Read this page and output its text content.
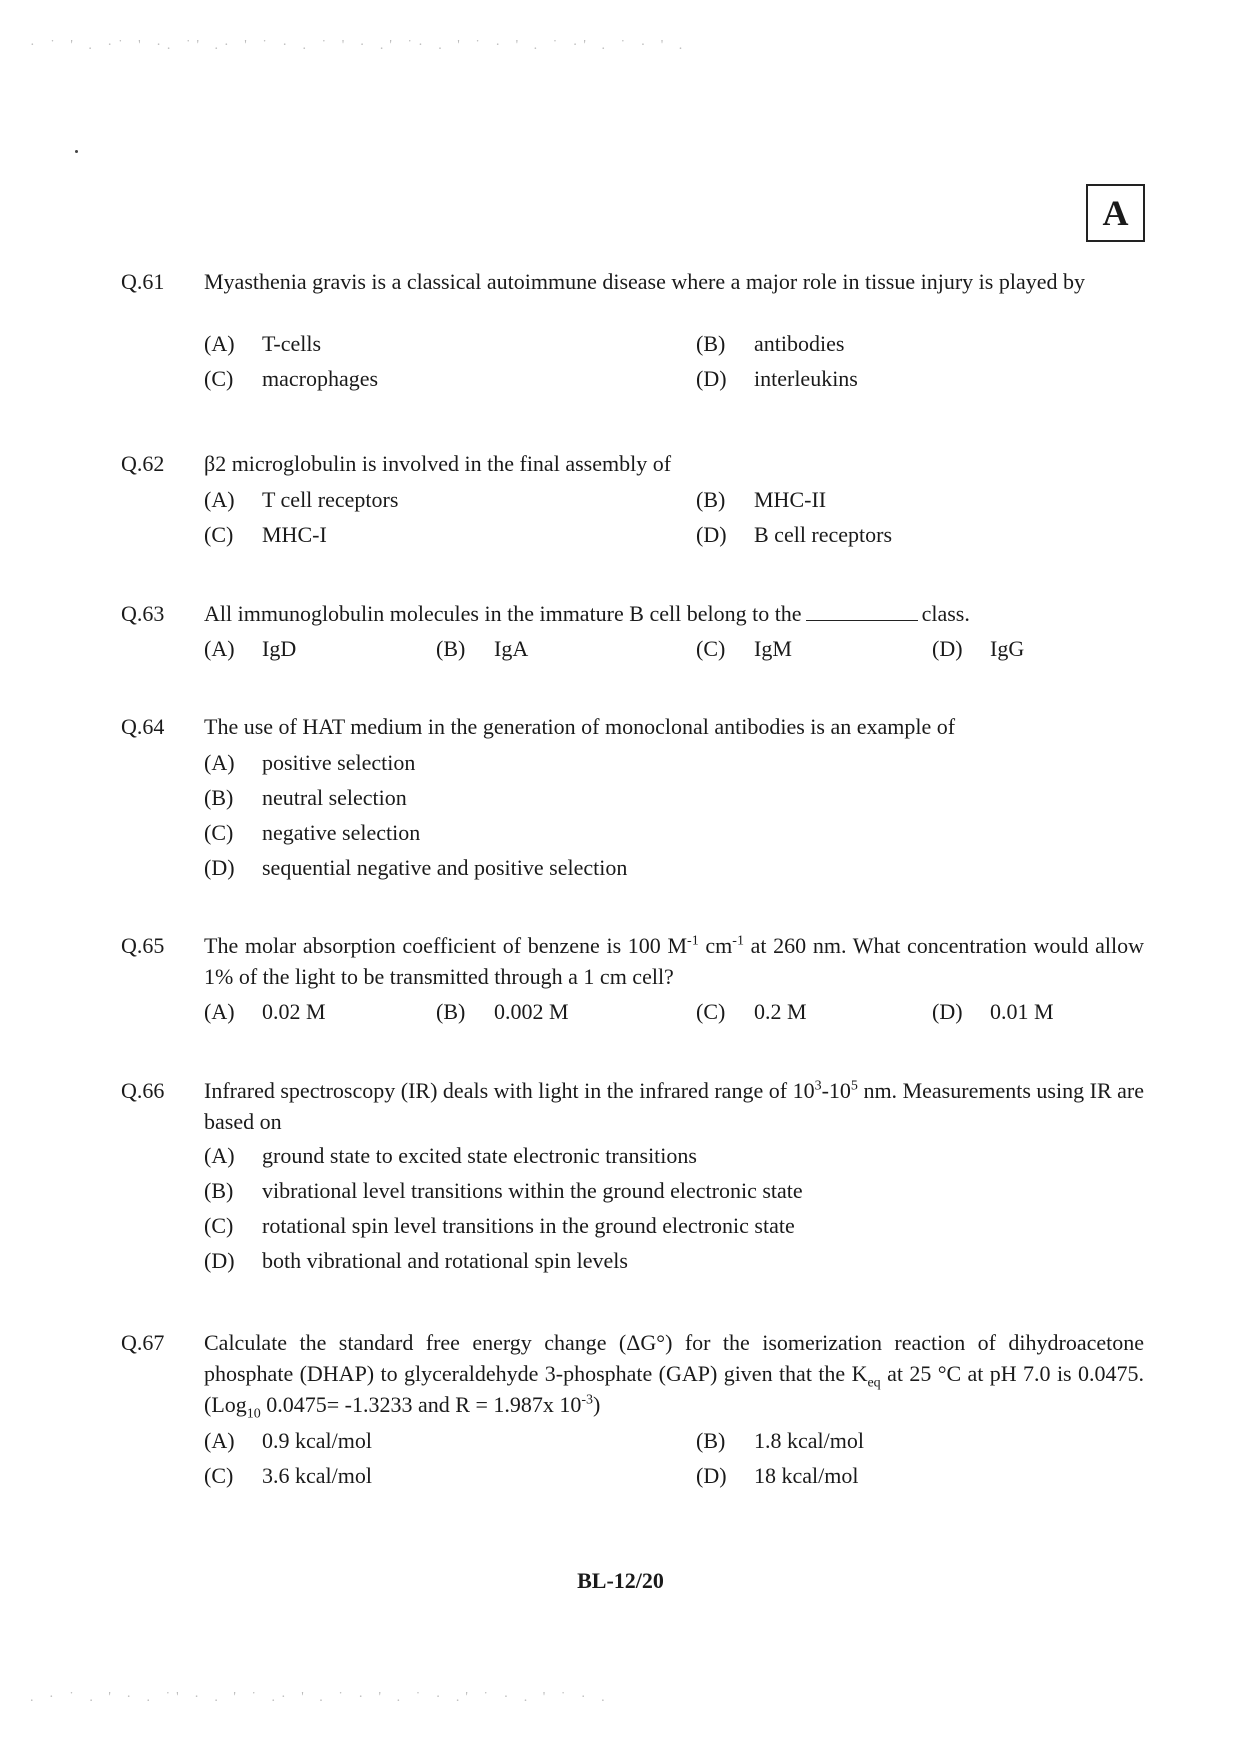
· ˙ ' . ·˙ ' ·. ˙' .· ' ˙ · . ˙ ' · .' ˙· . ' ˙ · ' . ˙ ·' . ˙ · ' .
A
Q.61 Myasthenia gravis is a classical autoimmune disease where a major role in tissue injury is played by
(A) T-cells	(B) antibodies
(C) macrophages	(D) interleukins
Q.62 β2 microglobulin is involved in the final assembly of
(A) T cell receptors	(B) MHC-II
(C) MHC-I	(D) B cell receptors
Q.63 All immunoglobulin molecules in the immature B cell belong to the	class.
(A) IgD	(B) IgA	(C) IgM	(D) IgG
Q.64 The use of HAT medium in the generation of monoclonal antibodies is an example of
(A) positive selection
(B) neutral selection
(C) negative selection
(D) sequential negative and positive selection
Q.65 The molar absorption coefficient of benzene is 100 $M^{-1}$ $cm^{-1}$ at 260 nm. What concentration would allow 1% of the light to be transmitted through a 1 cm cell?
(A) 0.02 M	(B) 0.002 M	(C) 0.2 M	(D) 0.01 M
Q.66 Infrared spectroscopy (IR) deals with light in the infrared range of $10^3-10^5$ nm. Measurements using IR are based on
(A) ground state to excited state electronic transitions
(B) vibrational level transitions within the ground electronic state
(C) rotational spin level transitions in the ground electronic state
(D) both vibrational and rotational spin levels
Q.67 Calculate the standard free energy change (ΔG°) for the isomerization reaction of dihydroacetone phosphate (DHAP) to glyceraldehyde 3-phosphate (GAP) given that the $K_{eq}$ at 25 °C at pH 7.0 is 0.0475. (Log$_{10}$ 0.0475= -1.3233 and R = 1.987x $10^{-3}$)
(A) 0.9 kcal/mol	(B) 1.8 kcal/mol
(C) 3.6 kcal/mol	(D) 18 kcal/mol
BL-12/20
. · ˙ . ' · . ˙' · . ' ˙ .· ' . ˙ · ' . ˙ · .' ˙ · . ' ˙ · .
